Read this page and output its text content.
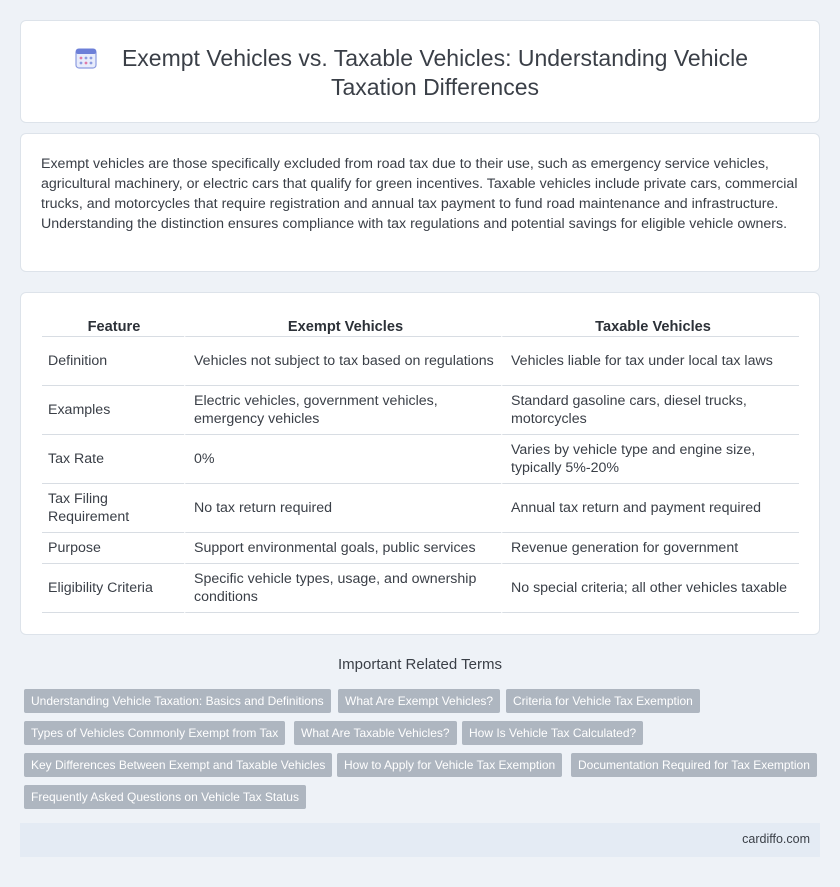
Exempt Vehicles vs. Taxable Vehicles: Understanding Vehicle Taxation Differences

Exempt vehicles are those specifically excluded from road tax due to their use, such as emergency service vehicles, agricultural machinery, or electric cars that qualify for green incentives. Taxable vehicles include private cars, commercial trucks, and motorcycles that require registration and annual tax payment to fund road maintenance and infrastructure. Understanding the distinction ensures compliance with tax regulations and potential savings for eligible vehicle owners.

Feature	Exempt Vehicles	Taxable Vehicles
Definition	Vehicles not subject to tax based on regulations	Vehicles liable for tax under local tax laws
Examples	Electric vehicles, government vehicles, emergency vehicles	Standard gasoline cars, diesel trucks, motorcycles
Tax Rate	0%	Varies by vehicle type and engine size, typically 5%-20%
Tax Filing Requirement	No tax return required	Annual tax return and payment required
Purpose	Support environmental goals, public services	Revenue generation for government
Eligibility Criteria	Specific vehicle types, usage, and ownership conditions	No special criteria; all other vehicles taxable
Important Related Terms
Understanding Vehicle Taxation: Basics and Definitions	What Are Exempt Vehicles?	Criteria for Vehicle Tax Exemption
Types of Vehicles Commonly Exempt from Tax	What Are Taxable Vehicles?	How Is Vehicle Tax Calculated?
Key Differences Between Exempt and Taxable Vehicles	How to Apply for Vehicle Tax Exemption	Documentation Required for Tax Exemption
Frequently Asked Questions on Vehicle Tax Status
cardiffo.com
